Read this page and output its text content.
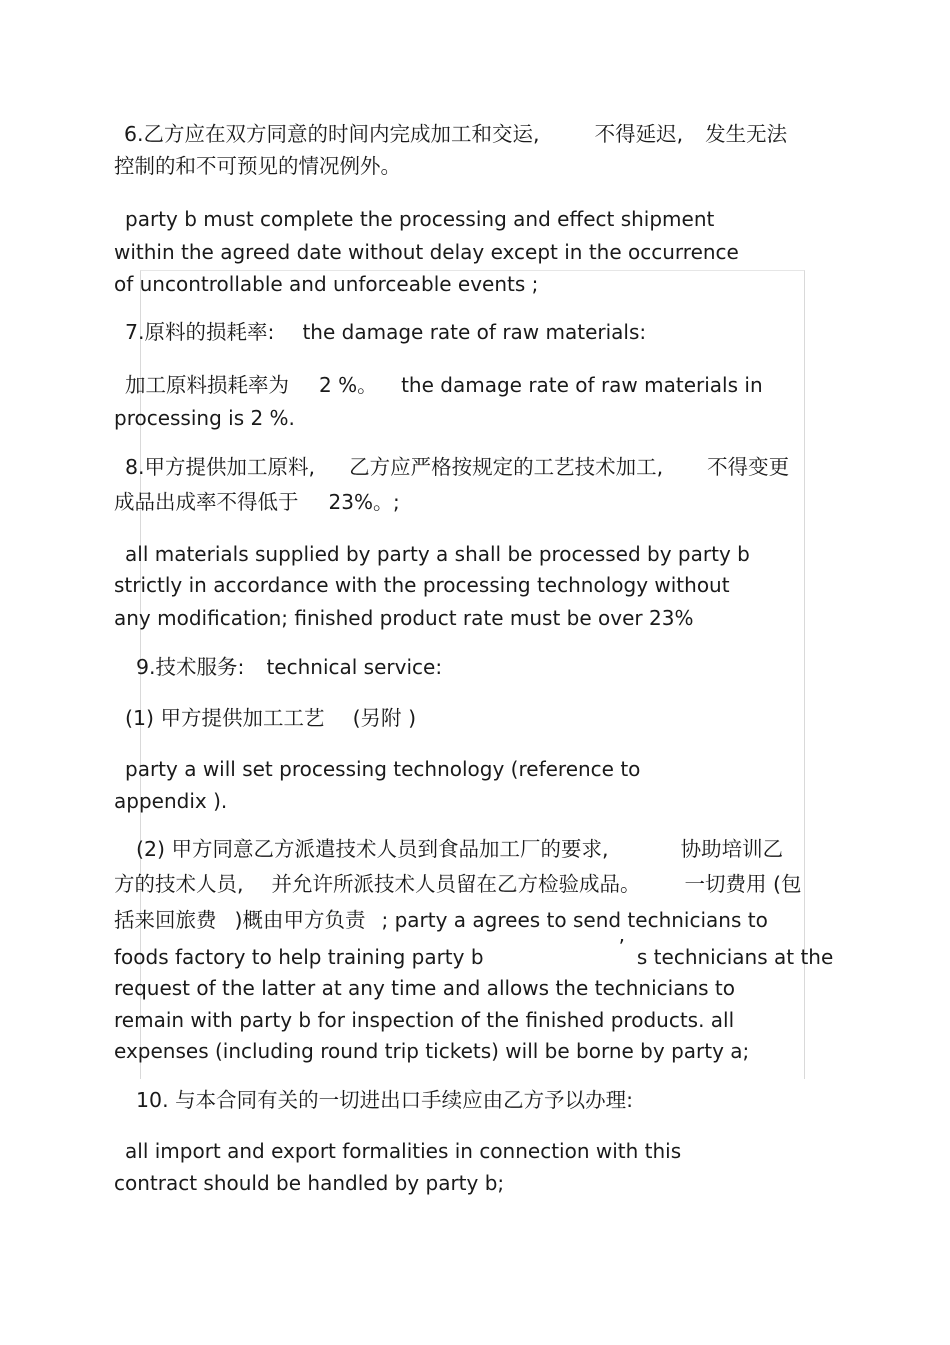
6.乙方应在双方同意的时间内完成加工和交运,	不得延迟, 发生无法
控制的和不可预见的情况例外。
party b must complete the processing and effect shipment
within the agreed date without delay except in the occurrence
of uncontrollable and unforceable events ;
7.原料的损耗率: the damage rate of raw materials:
加工原料损耗率为 2 %。 the damage rate of raw materials in
processing is 2 %.
8.甲方提供加工原料, 乙方应严格按规定的工艺技术加工, 不得变更
成品出成率不得低于 23%。;
all materials supplied by party a shall be processed by party b
strictly in accordance with the processing technology without
any modification; finished product rate must be over 23%
9.技术服务: technical service:
(1) 甲方提供加工工艺 (另附 )
party a will set processing technology (reference to
appendix ).
(2) 甲方同意乙方派遣技术人员到食品加工厂的要求,	协助培训乙
方的技术人员, 并允许所派技术人员留在乙方检验成品。 一切费用 (包
括来回旅费 )概由甲方负责 ; party a agrees to send technicians to
foods factory to help training party b	’ s technicians at the
request of the latter at any time and allows the technicians to
remain with party b for inspection of the finished products. all
expenses (including round trip tickets) will be borne by party a;
10. 与本合同有关的一切进出口手续应由乙方予以办理:
all import and export formalities in connection with this
contract should be handled by party b;
